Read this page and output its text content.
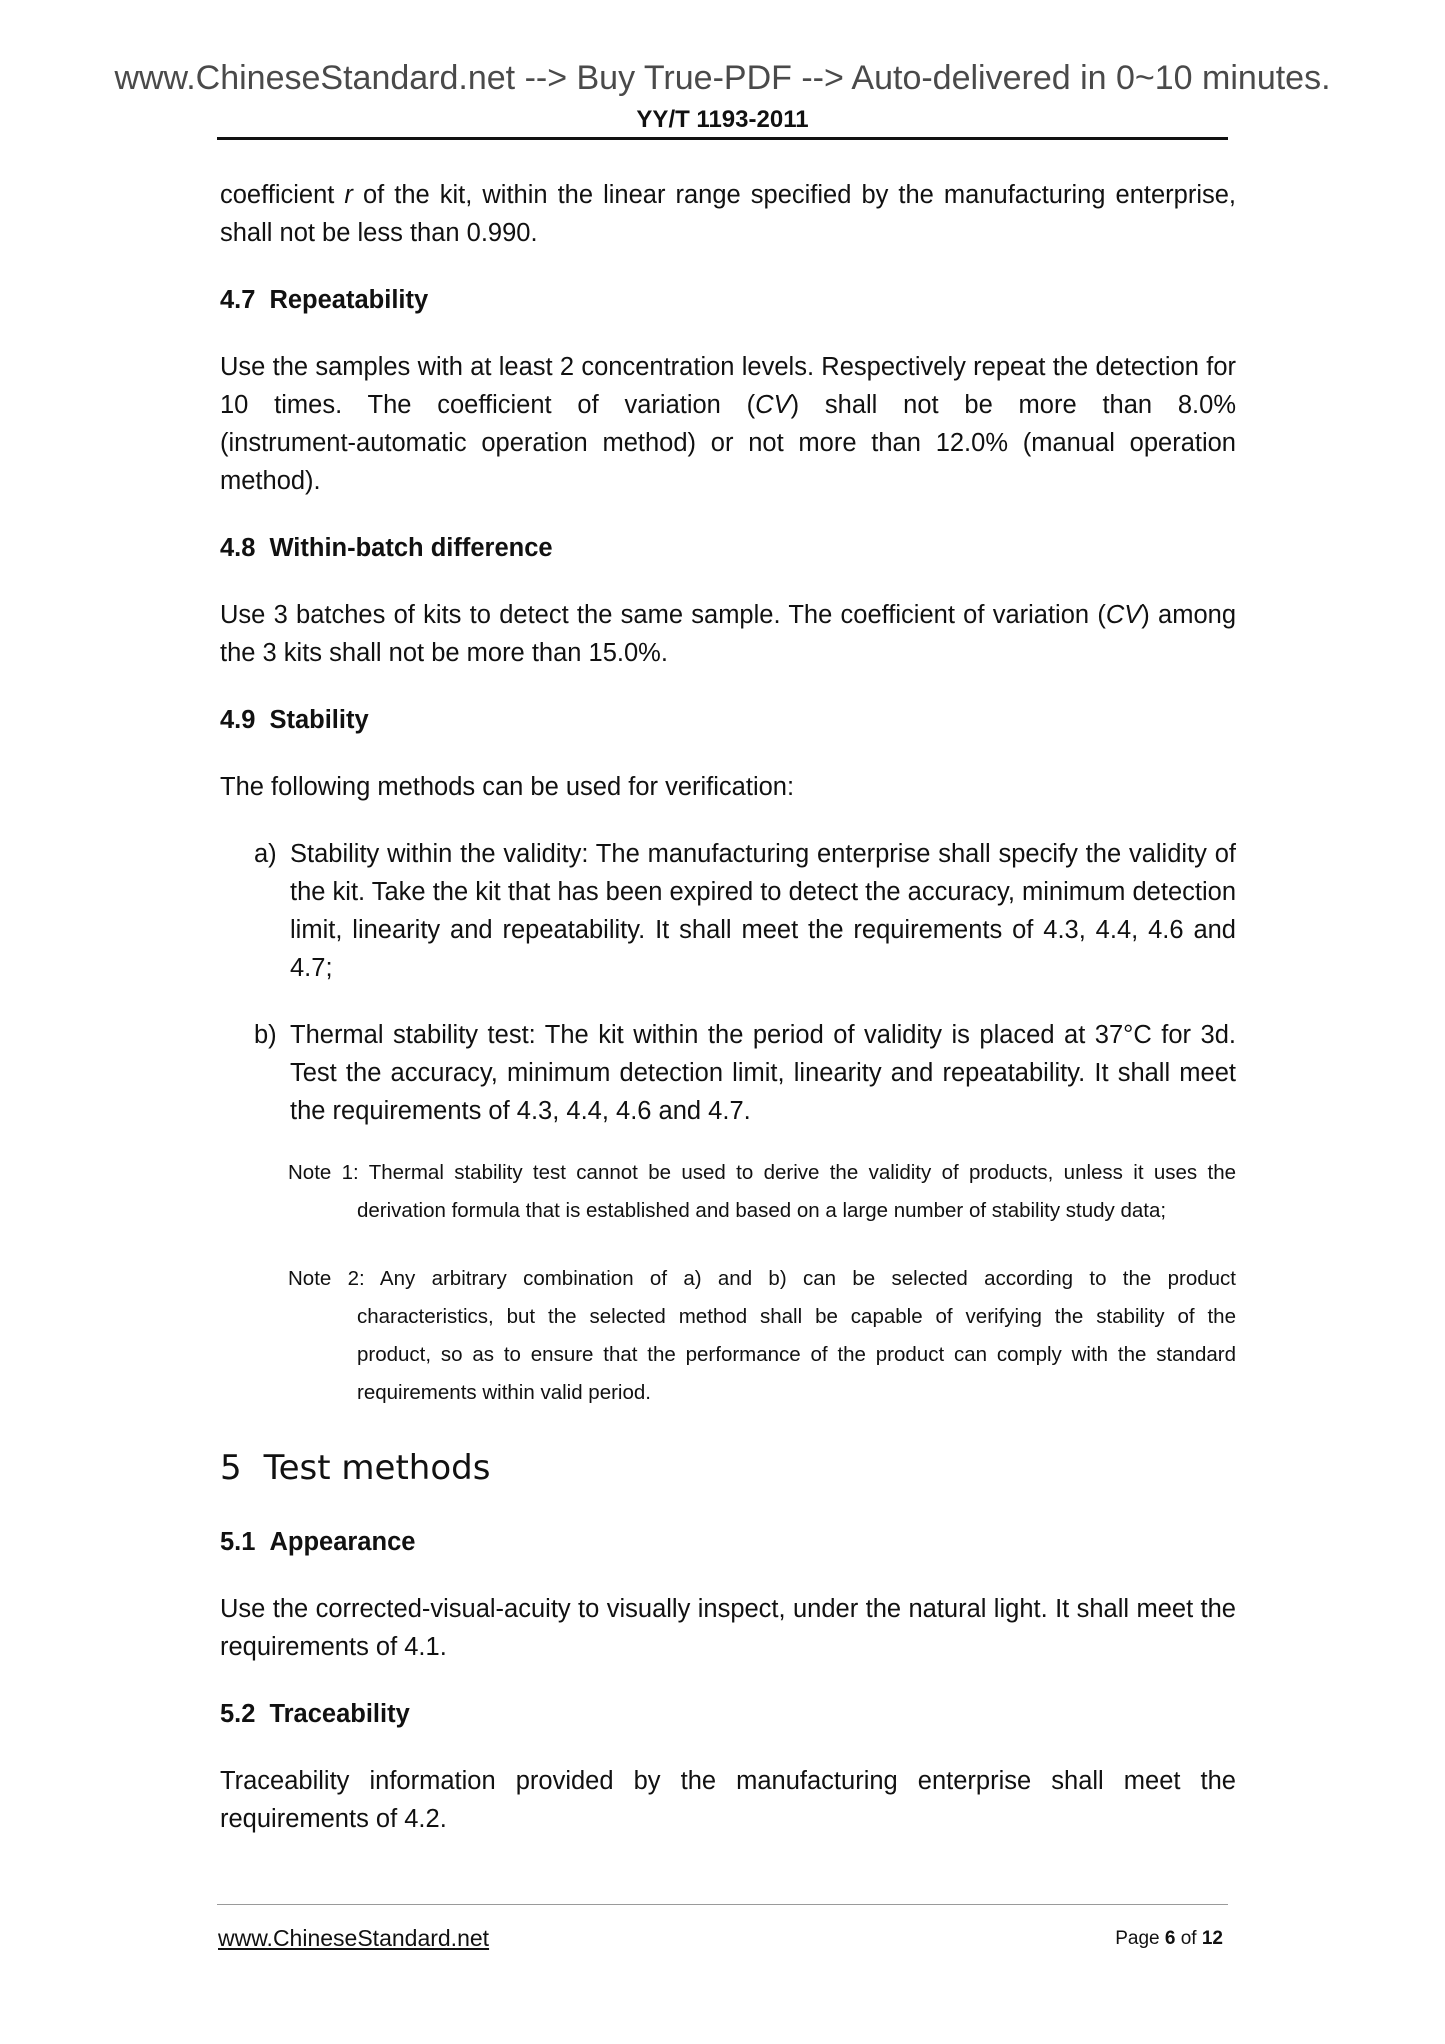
www.ChineseStandard.net --> Buy True-PDF --> Auto-delivered in 0~10 minutes.
YY/T 1193-2011
coefficient r of the kit, within the linear range specified by the manufacturing enterprise,
shall not be less than 0.990.
4.7 Repeatability
Use the samples with at least 2 concentration levels. Respectively repeat the detection for
10 times. The coefficient of variation (CV) shall not be more than 8.0%
(instrument-automatic operation method) or not more than 12.0% (manual operation
method).
4.8 Within-batch difference
Use 3 batches of kits to detect the same sample. The coefficient of variation (CV) among
the 3 kits shall not be more than 15.0%.
4.9 Stability
The following methods can be used for verification:
a) Stability within the validity: The manufacturing enterprise shall specify the validity of
the kit. Take the kit that has been expired to detect the accuracy, minimum detection
limit, linearity and repeatability. It shall meet the requirements of 4.3, 4.4, 4.6 and
4.7;
b) Thermal stability test: The kit within the period of validity is placed at 37°C for 3d.
Test the accuracy, minimum detection limit, linearity and repeatability. It shall meet
the requirements of 4.3, 4.4, 4.6 and 4.7.
Note 1: Thermal stability test cannot be used to derive the validity of products, unless it uses the
derivation formula that is established and based on a large number of stability study data;
Note 2: Any arbitrary combination of a) and b) can be selected according to the product
characteristics, but the selected method shall be capable of verifying the stability of the
product, so as to ensure that the performance of the product can comply with the standard
requirements within valid period.
5 Test methods
5.1 Appearance
Use the corrected-visual-acuity to visually inspect, under the natural light. It shall meet the
requirements of 4.1.
5.2 Traceability
Traceability information provided by the manufacturing enterprise shall meet the
requirements of 4.2.
www.ChineseStandard.net	Page 6 of 12
